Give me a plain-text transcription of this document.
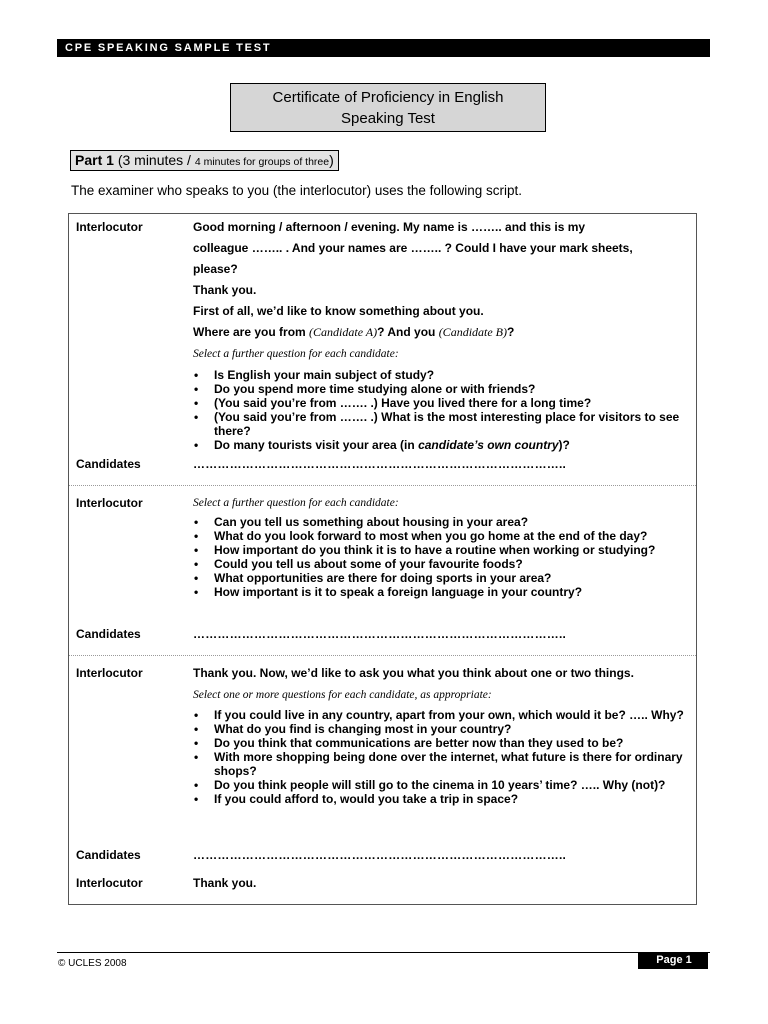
CPE SPEAKING SAMPLE TEST
Certificate of Proficiency in English
Speaking Test
Part 1 (3 minutes / 4 minutes for groups of three)
The examiner who speaks to you (the interlocutor) uses the following script.
Interlocutor	Good morning / afternoon / evening. My name is …….. and this is my
colleague …….. . And your names are …….. ? Could I have your mark sheets,
please?
Thank you.
First of all, we’d like to know something about you.
Where are you from (Candidate A)? And you (Candidate B)?
Select a further question for each candidate:
• Is English your main subject of study?
• Do you spend more time studying alone or with friends?
• (You said you’re from ……. .) Have you lived there for a long time?
• (You said you’re from ……. .) What is the most interesting place for visitors to see there?
• Do many tourists visit your area (in candidate’s own country)?
Candidates	………………………………………………………………………………..
Interlocutor	Select a further question for each candidate:
• Can you tell us something about housing in your area?
• What do you look forward to most when you go home at the end of the day?
• How important do you think it is to have a routine when working or studying?
• Could you tell us about some of your favourite foods?
• What opportunities are there for doing sports in your area?
• How important is it to speak a foreign language in your country?
Candidates	………………………………………………………………………………..
Interlocutor	Thank you. Now, we’d like to ask you what you think about one or two things.
Select one or more questions for each candidate, as appropriate:
• If you could live in any country, apart from your own, which would it be? ….. Why?
• What do you find is changing most in your country?
• Do you think that communications are better now than they used to be?
• With more shopping being done over the internet, what future is there for ordinary shops?
• Do you think people will still go to the cinema in 10 years’ time? ….. Why (not)?
• If you could afford to, would you take a trip in space?
Candidates	………………………………………………………………………………..
Interlocutor	Thank you.
© UCLES 2008	Page 1
